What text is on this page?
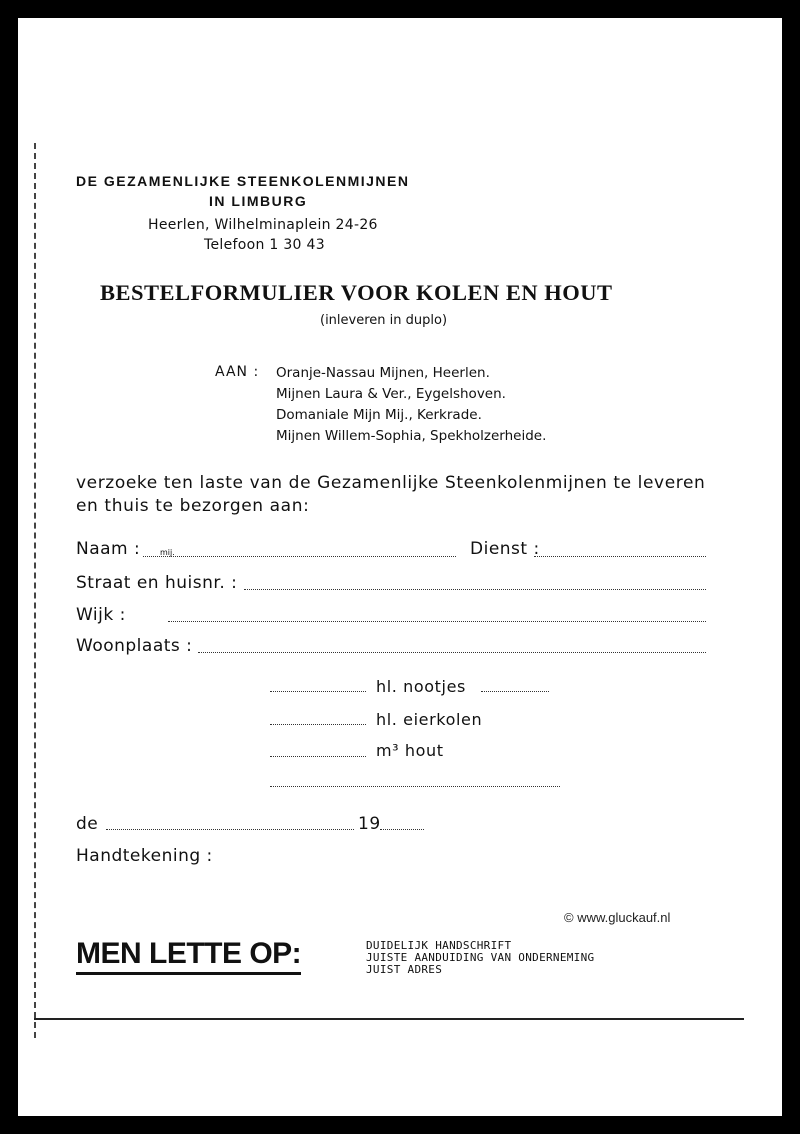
DE GEZAMENLIJKE STEENKOLENMIJNEN
IN LIMBURG
Heerlen, Wilhelminaplein 24-26
Telefoon 1 30 43
BESTELFORMULIER VOOR KOLEN EN HOUT
(inleveren in duplo)
AAN : Oranje-Nassau Mijnen, Heerlen.
Mijnen Laura & Ver., Eygelshoven.
Domaniale Mijn Mij., Kerkrade.
Mijnen Willem-Sophia, Spekholzerheide.
verzoeke ten laste van de Gezamenlijke Steenkolenmijnen te leveren
en thuis te bezorgen aan:
Naam : mij.	Dienst :
Straat en huisnr. :
Wijk :
Woonplaats :
hl. nootjes
hl. eierkolen
m³ hout
de	19
Handtekening :
© www.gluckauf.nl
MEN LETTE OP:	DUIDELIJK HANDSCHRIFT
JUISTE AANDUIDING VAN ONDERNEMING
JUIST ADRES
